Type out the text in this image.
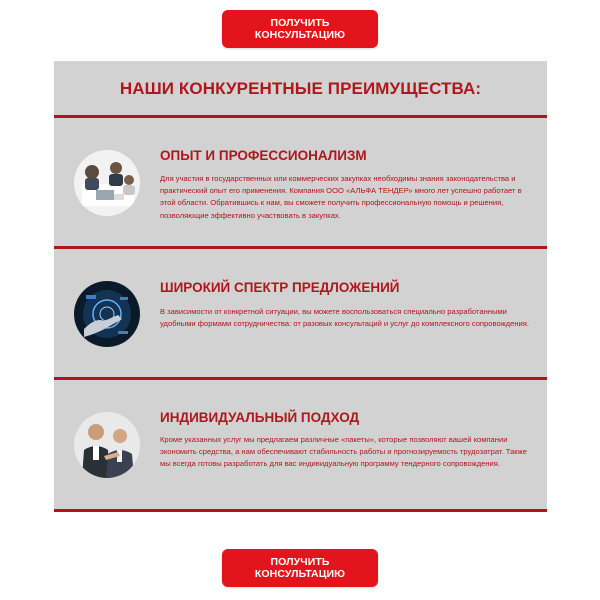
ПОЛУЧИТЬ КОНСУЛЬТАЦИЮ
НАШИ КОНКУРЕНТНЫЕ ПРЕИМУЩЕСТВА:
ОПЫТ И ПРОФЕССИОНАЛИЗМ
Для участия в государственных или коммерческих закупках необходимы знания законодательства и практический опыт его применения. Компания ООО «АЛЬФА ТЕНДЕР» много лет успешно работает в этой области. Обратившись к нам, вы сможете получить профессиональную помощь и решения, позволяющие эффективно участвовать в закупках.
ШИРОКИЙ СПЕКТР ПРЕДЛОЖЕНИЙ
В зависимости от конкретной ситуации, вы можете воспользоваться специально разработанными удобными формами сотрудничества: от разовых консультаций и услуг до комплексного сопровождения.
ИНДИВИДУАЛЬНЫЙ ПОДХОД
Кроме указанных услуг мы предлагаем различные «пакеты», которые позволяют вашей компании экономить средства, а нам обеспечивают стабильность работы и прогнозируемость трудозатрат. Также мы всегда готовы разработать для вас индивидуальную программу тендерного сопровождения.
ПОЛУЧИТЬ КОНСУЛЬТАЦИЮ
